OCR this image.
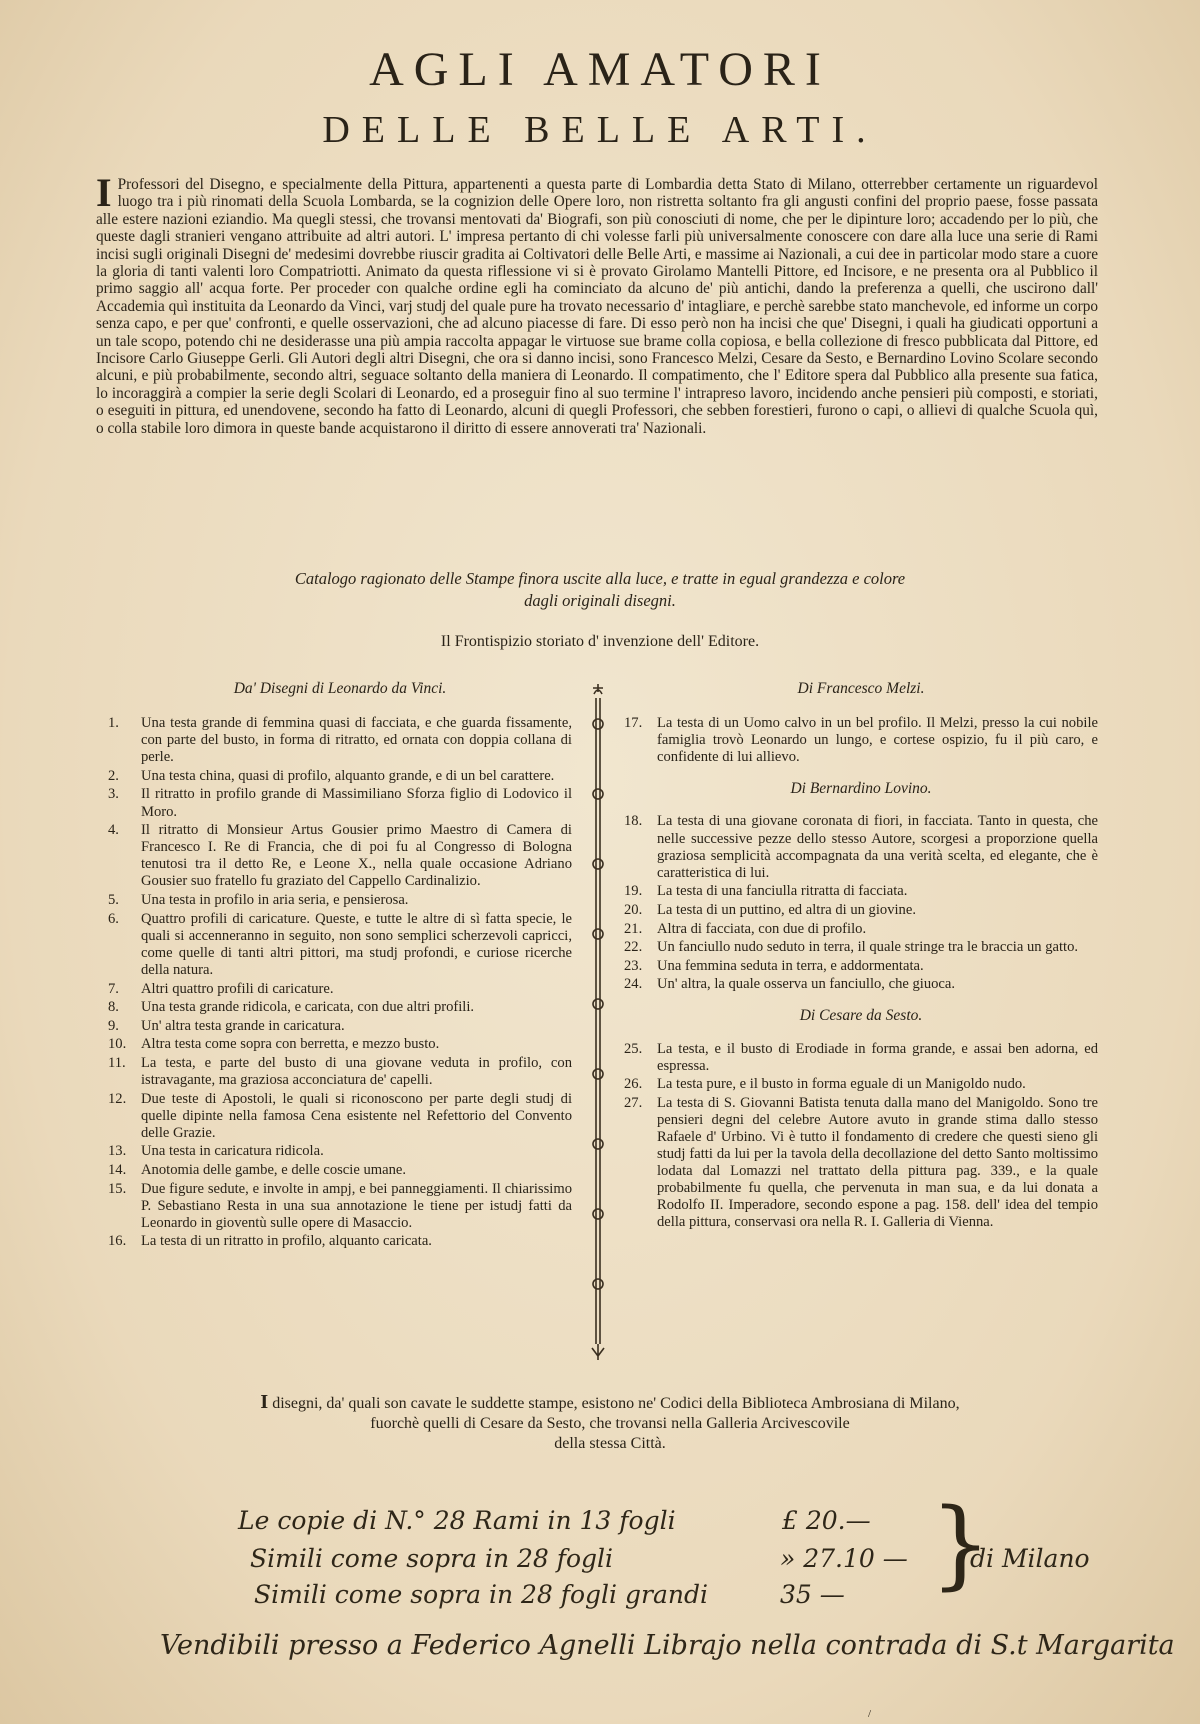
AGLI AMATORI
DELLE BELLE ARTI.

I Professori del Disegno, e specialmente della Pittura, appartenenti a questa parte di Lombardia detta Stato di Milano, otterrebber certamente un riguardevol luogo tra i più rinomati della Scuola Lombarda, se la cognizion delle Opere loro, non ristretta soltanto fra gli angusti confini del proprio paese, fosse passata alle estere nazioni eziandio. Ma quegli stessi, che trovansi mentovati da' Biografi, son più conosciuti di nome, che per le dipinture loro; accadendo per lo più, che queste dagli stranieri vengano attribuite ad altri autori. L' impresa pertanto di chi volesse farli più universalmente conoscere con dare alla luce una serie di Rami incisi sugli originali Disegni de' medesimi dovrebbe riuscir gradita ai Coltivatori delle Belle Arti, e massime ai Nazionali, a cui dee in particolar modo stare a cuore la gloria di tanti valenti loro Compatriotti. Animato da questa riflessione vi si è provato Girolamo Mantelli Pittore, ed Incisore, e ne presenta ora al Pubblico il primo saggio all' acqua forte. Per proceder con qualche ordine egli ha cominciato da alcuno de' più antichi, dando la preferenza a quelli, che uscirono dall' Accademia quì instituita da Leonardo da Vinci, varj studj del quale pure ha trovato necessario d' intagliare, e perchè sarebbe stato manchevole, ed informe un corpo senza capo, e per que' confronti, e quelle osservazioni, che ad alcuno piacesse di fare. Di esso però non ha incisi che que' Disegni, i quali ha giudicati opportuni a un tale scopo, potendo chi ne desiderasse una più ampia raccolta appagar le virtuose sue brame colla copiosa, e bella collezione di fresco pubblicata dal Pittore, ed Incisore Carlo Giuseppe Gerli. Gli Autori degli altri Disegni, che ora si danno incisi, sono Francesco Melzi, Cesare da Sesto, e Bernardino Lovino Scolare secondo alcuni, e più probabilmente, secondo altri, seguace soltanto della maniera di Leonardo. Il compatimento, che l' Editore spera dal Pubblico alla presente sua fatica, lo incoraggirà a compier la serie degli Scolari di Leonardo, ed a proseguir fino al suo termine l' intrapreso lavoro, incidendo anche pensieri più composti, e storiati, o eseguiti in pittura, ed unendovene, secondo ha fatto di Leonardo, alcuni di quegli Professori, che sebben forestieri, furono o capi, o allievi di qualche Scuola quì, o colla stabile loro dimora in queste bande acquistarono il diritto di essere annoverati tra' Nazionali.

Catalogo ragionato delle Stampe finora uscite alla luce, e tratte in egual grandezza e colore
dagli originali disegni.
Il Frontispizio storiato d' invenzione dell' Editore.
Da' Disegni di Leonardo da Vinci.
1.	Una testa grande di femmina quasi di facciata, e che guarda fissamente, con parte del busto, in forma di ritratto, ed ornata con doppia collana di perle.
2.	Una testa china, quasi di profilo, alquanto grande, e di un bel carattere.
3.	Il ritratto in profilo grande di Massimiliano Sforza figlio di Lodovico il Moro.
4.	Il ritratto di Monsieur Artus Gousier primo Maestro di Camera di Francesco I. Re di Francia, che di poi fu al Congresso di Bologna tenutosi tra il detto Re, e Leone X., nella quale occasione Adriano Gousier suo fratello fu graziato del Cappello Cardinalizio.
5.	Una testa in profilo in aria seria, e pensierosa.
6.	Quattro profili di caricature. Queste, e tutte le altre di sì fatta specie, le quali si accenneranno in seguito, non sono semplici scherzevoli capricci, come quelle di tanti altri pittori, ma studj profondi, e curiose ricerche della natura.
7.	Altri quattro profili di caricature.
8.	Una testa grande ridicola, e caricata, con due altri profili.
9.	Un' altra testa grande in caricatura.
10.	Altra testa come sopra con berretta, e mezzo busto.
11.	La testa, e parte del busto di una giovane veduta in profilo, con istravagante, ma graziosa acconciatura de' capelli.
12.	Due teste di Apostoli, le quali si riconoscono per parte degli studj di quelle dipinte nella famosa Cena esistente nel Refettorio del Convento delle Grazie.
13.	Una testa in caricatura ridicola.
14.	Anotomia delle gambe, e delle coscie umane.
15.	Due figure sedute, e involte in ampj, e bei panneggiamenti. Il chiarissimo P. Sebastiano Resta in una sua annotazione le tiene per istudj fatti da Leonardo in gioventù sulle opere di Masaccio.
16.	La testa di un ritratto in profilo, alquanto caricata.
Di Francesco Melzi.
17.	La testa di un Uomo calvo in un bel profilo. Il Melzi, presso la cui nobile famiglia trovò Leonardo un lungo, e cortese ospizio, fu il più caro, e confidente di lui allievo.
Di Bernardino Lovino.
18.	La testa di una giovane coronata di fiori, in facciata. Tanto in questa, che nelle successive pezze dello stesso Autore, scorgesi a proporzione quella graziosa semplicità accompagnata da una verità scelta, ed elegante, che è caratteristica di lui.
19.	La testa di una fanciulla ritratta di facciata.
20.	La testa di un puttino, ed altra di un giovine.
21.	Altra di facciata, con due di profilo.
22.	Un fanciullo nudo seduto in terra, il quale stringe tra le braccia un gatto.
23.	Una femmina seduta in terra, e addormentata.
24.	Un' altra, la quale osserva un fanciullo, che giuoca.
Di Cesare da Sesto.
25.	La testa, e il busto di Erodiade in forma grande, e assai ben adorna, ed espressa.
26.	La testa pure, e il busto in forma eguale di un Manigoldo nudo.
27.	La testa di S. Giovanni Batista tenuta dalla mano del Manigoldo. Sono tre pensieri degni del celebre Autore avuto in grande stima dallo stesso Rafaele d' Urbino. Vi è tutto il fondamento di credere che questi sieno gli studj fatti da lui per la tavola della decollazione del detto Santo moltissimo lodata dal Lomazzi nel trattato della pittura pag. 339., e la quale probabilmente fu quella, che pervenuta in man sua, e da lui donata a Rodolfo II. Imperadore, secondo espone a pag. 158. dell' idea del tempio della pittura, conservasi ora nella R. I. Galleria di Vienna.
I disegni, da' quali son cavate le suddette stampe, esistono ne' Codici della Biblioteca Ambrosiana di Milano,
fuorchè quelli di Cesare da Sesto, che trovansi nella Galleria Arcivescovile
della stessa Città.
Le copie di N.° 28 Rami in 13 fogli	£ 20.—
Simili come sopra in 28 fogli	» 27.10 —
Simili come sopra in 28 fogli grandi	35 — }
di Milano
Vendibili presso a Federico Agnelli Librajo nella contrada di S.t Margarita
/
